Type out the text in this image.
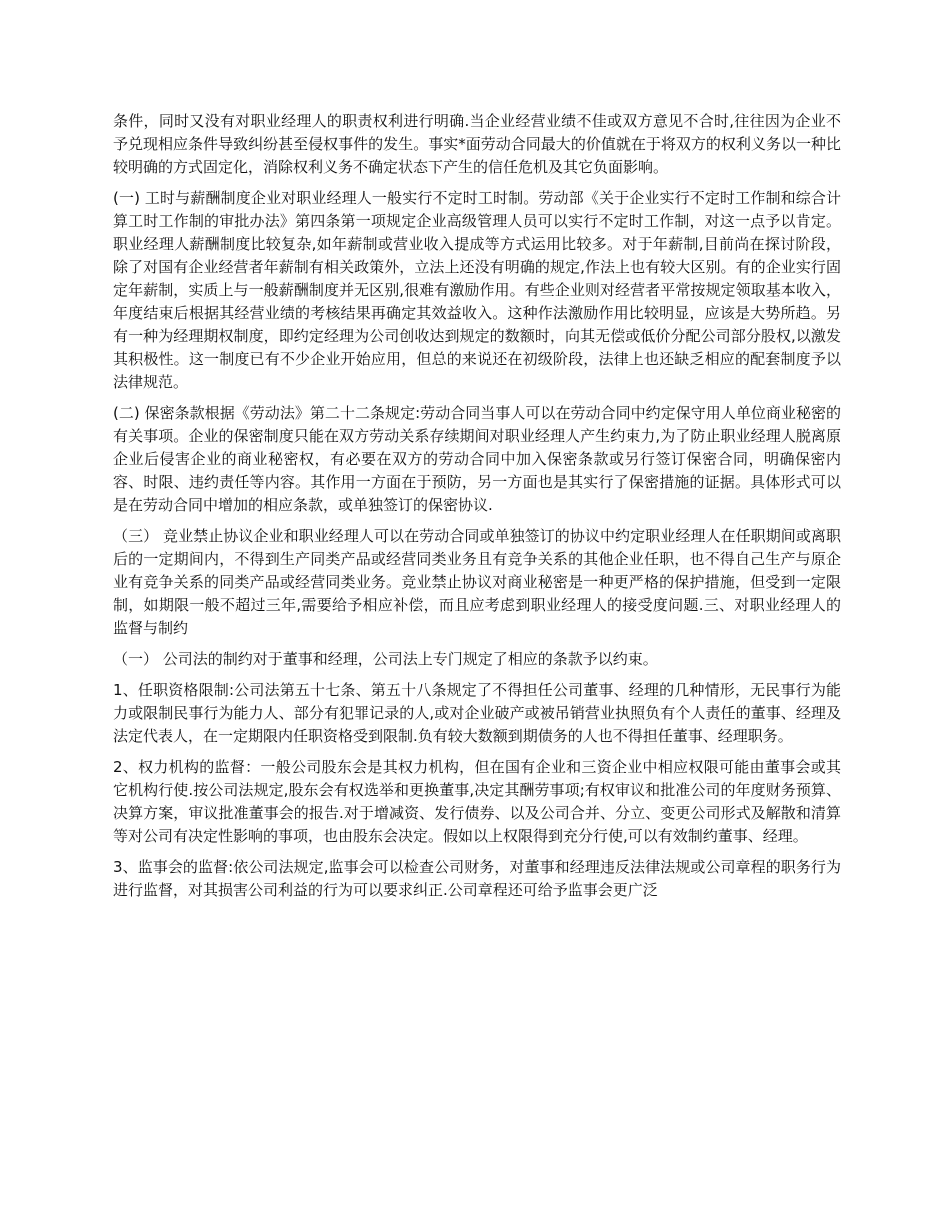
条件，同时又没有对职业经理人的职责权利进行明确.当企业经营业绩不佳或双方意见不合时,往往因为企业不予兑现相应条件导致纠纷甚至侵权事件的发生。事实*面劳动合同最大的价值就在于将双方的权利义务以一种比较明确的方式固定化，消除权利义务不确定状态下产生的信任危机及其它负面影响。

(一) 工时与薪酬制度企业对职业经理人一般实行不定时工时制。劳动部《关于企业实行不定时工作制和综合计算工时工作制的审批办法》第四条第一项规定企业高级管理人员可以实行不定时工作制，对这一点予以肯定。职业经理人薪酬制度比较复杂,如年薪制或营业收入提成等方式运用比较多。对于年薪制,目前尚在探讨阶段，除了对国有企业经营者年薪制有相关政策外，立法上还没有明确的规定,作法上也有较大区别。有的企业实行固定年薪制，实质上与一般薪酬制度并无区别,很难有激励作用。有些企业则对经营者平常按规定领取基本收入，年度结束后根据其经营业绩的考核结果再确定其效益收入。这种作法激励作用比较明显，应该是大势所趋。另有一种为经理期权制度，即约定经理为公司创收达到规定的数额时，向其无偿或低价分配公司部分股权,以激发其积极性。这一制度已有不少企业开始应用，但总的来说还在初级阶段，法律上也还缺乏相应的配套制度予以法律规范。

(二) 保密条款根据《劳动法》第二十二条规定:劳动合同当事人可以在劳动合同中约定保守用人单位商业秘密的有关事项。企业的保密制度只能在双方劳动关系存续期间对职业经理人产生约束力,为了防止职业经理人脱离原企业后侵害企业的商业秘密权，有必要在双方的劳动合同中加入保密条款或另行签订保密合同，明确保密内容、时限、违约责任等内容。其作用一方面在于预防，另一方面也是其实行了保密措施的证据。具体形式可以是在劳动合同中增加的相应条款，或单独签订的保密协议.

（三） 竞业禁止协议企业和职业经理人可以在劳动合同或单独签订的协议中约定职业经理人在任职期间或离职后的一定期间内，不得到生产同类产品或经营同类业务且有竞争关系的其他企业任职，也不得自己生产与原企业有竞争关系的同类产品或经营同类业务。竞业禁止协议对商业秘密是一种更严格的保护措施，但受到一定限制，如期限一般不超过三年,需要给予相应补偿，而且应考虑到职业经理人的接受度问题.三、对职业经理人的监督与制约

（一） 公司法的制约对于董事和经理，公司法上专门规定了相应的条款予以约束。

1、任职资格限制:公司法第五十七条、第五十八条规定了不得担任公司董事、经理的几种情形，无民事行为能力或限制民事行为能力人、部分有犯罪记录的人,或对企业破产或被吊销营业执照负有个人责任的董事、经理及法定代表人，在一定期限内任职资格受到限制.负有较大数额到期债务的人也不得担任董事、经理职务。

2、权力机构的监督：一般公司股东会是其权力机构，但在国有企业和三资企业中相应权限可能由董事会或其它机构行使.按公司法规定,股东会有权选举和更换董事,决定其酬劳事项;有权审议和批准公司的年度财务预算、决算方案，审议批准董事会的报告.对于增减资、发行债券、以及公司合并、分立、变更公司形式及解散和清算等对公司有决定性影响的事项，也由股东会决定。假如以上权限得到充分行使,可以有效制约董事、经理。

3、监事会的监督:依公司法规定,监事会可以检查公司财务，对董事和经理违反法律法规或公司章程的职务行为进行监督，对其损害公司利益的行为可以要求纠正.公司章程还可给予监事会更广泛
